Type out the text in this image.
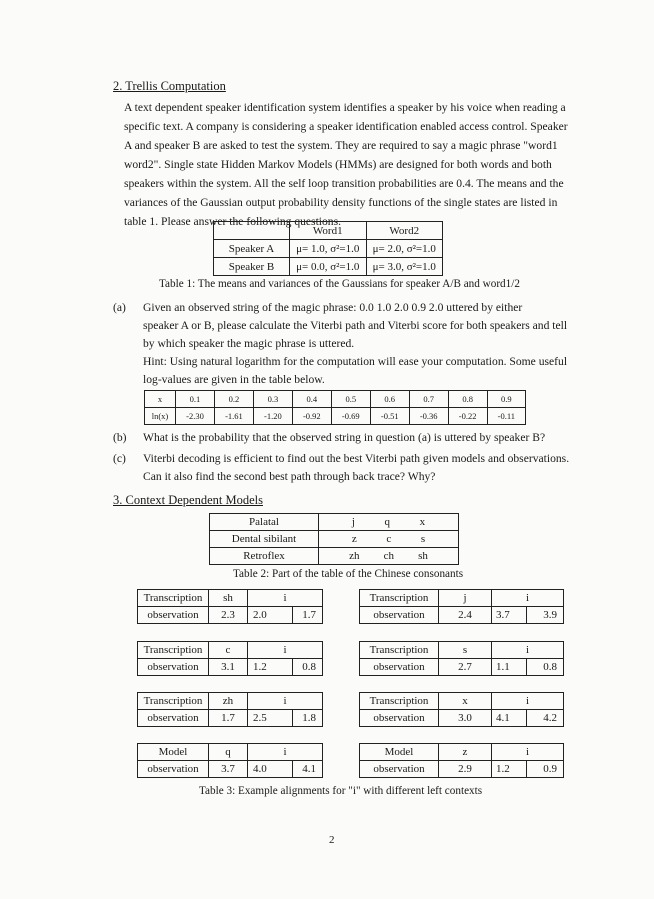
2. Trellis Computation
A text dependent speaker identification system identifies a speaker by his voice when reading a
specific text. A company is considering a speaker identification enabled access control. Speaker
A and speaker B are asked to test the system. They are required to say a magic phrase "word1
word2". Single state Hidden Markov Models (HMMs) are designed for both words and both
speakers within the system. All the self loop transition probabilities are 0.4. The means and the
variances of the Gaussian output probability density functions of the single states are listed in
table 1. Please answer the following questions.
	Word1	Word2
Speaker A	μ= 1.0, σ²=1.0	μ= 2.0, σ²=1.0
Speaker B	μ= 0.0, σ²=1.0	μ= 3.0, σ²=1.0
Table 1: The means and variances of the Gaussians for speaker A/B and word1/2
(a) Given an observed string of the magic phrase: 0.0 1.0 2.0 0.9 2.0 uttered by either
speaker A or B, please calculate the Viterbi path and Viterbi score for both speakers and tell
by which speaker the magic phrase is uttered.
Hint: Using natural logarithm for the computation will ease your computation. Some useful
log-values are given in the table below.
x	0.1	0.2	0.3	0.4	0.5	0.6	0.7	0.8	0.9
ln(x)	-2.30	-1.61	-1.20	-0.92	-0.69	-0.51	-0.36	-0.22	-0.11
(b) What is the probability that the observed string in question (a) is uttered by speaker B?
(c) Viterbi decoding is efficient to find out the best Viterbi path given models and observations.
Can it also find the second best path through back trace? Why?
3. Context Dependent Models
Palatal	j q x

Dental sibilant	z c s

Retroflex	zh ch sh
Table 2: Part of the table of the Chinese consonants
Transcription	sh	i	
observation	2.3	2.0	1.7
Transcription	j	i	
observation	2.4	3.7	3.9
Transcription	c	i	
observation	3.1	1.2	0.8
Transcription	s	i	
observation	2.7	1.1	0.8
Transcription	zh	i	
observation	1.7	2.5	1.8
Transcription	x	i	
observation	3.0	4.1	4.2
Model	q	i	
observation	3.7	4.0	4.1
Model	z	i	
observation	2.9	1.2	0.9
Table 3: Example alignments for "i" with different left contexts
2
